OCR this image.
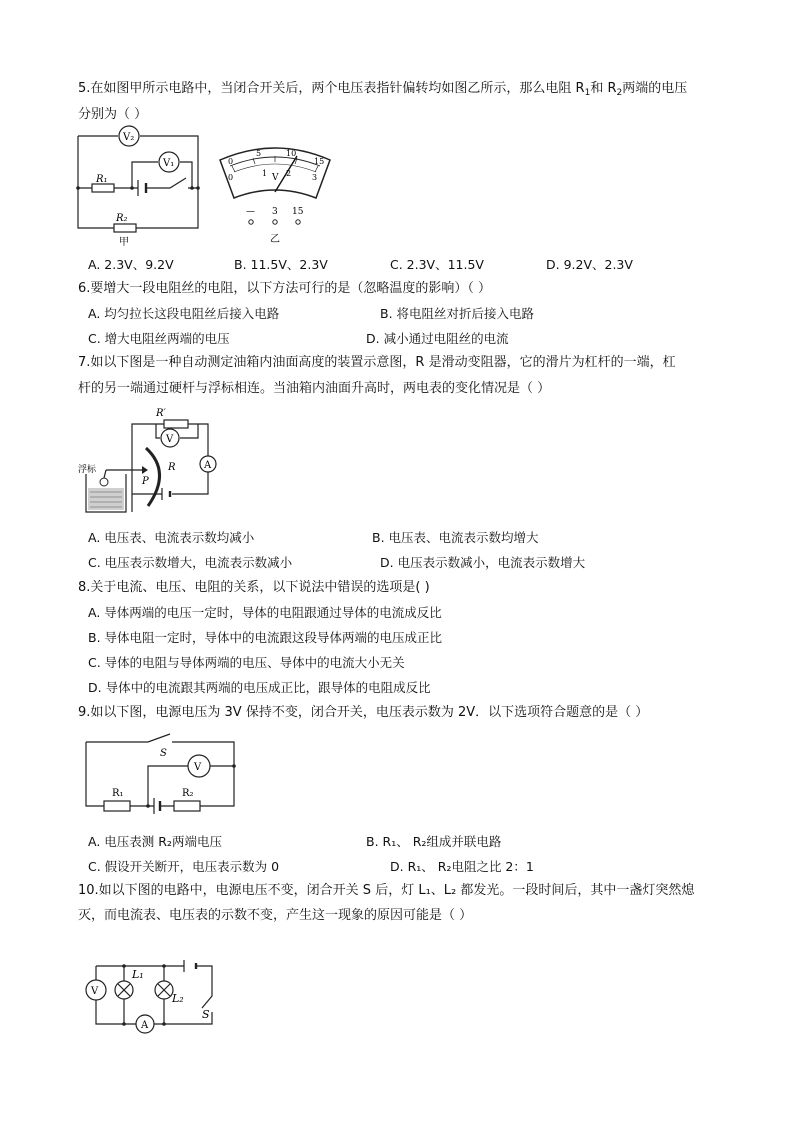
5.在如图甲所示电路中，当闭合开关后，两个电压表指针偏转均如图乙所示，那么电阻 $R_1$和 $R_2$两端的电压
分别为（ ）
V₂
V₁
R₁
R₂
甲
0
5	10
15
0	1 2	3
V
— 3 15
乙
A. 2.3V、9.2V	B. 11.5V、2.3V	C. 2.3V、11.5V	D. 9.2V、2.3V
6.要增大一段电阻丝的电阻，以下方法可行的是（忽略温度的影响）（ ）
A. 均匀拉长这段电阻丝后接入电路	B. 将电阻丝对折后接入电路
C. 增大电阻丝两端的电压	D. 减小通过电阻丝的电流
7.如以下图是一种自动测定油箱内油面高度的装置示意图，R 是滑动变阻器，它的滑片为杠杆的一端，杠
杆的另一端通过硬杆与浮标相连。当油箱内油面升高时，两电表的变化情况是（ ）
R′
V
A
R
P
浮标
A. 电压表、电流表示数均减小	B. 电压表、电流表示数均增大
C. 电压表示数增大，电流表示数减小	D. 电压表示数减小，电流表示数增大
8.关于电流、电压、电阻的关系，以下说法中错误的选项是( )
A. 导体两端的电压一定时，导体的电阻跟通过导体的电流成反比
B. 导体电阻一定时，导体中的电流跟这段导体两端的电压成正比
C. 导体的电阻与导体两端的电压、导体中的电流大小无关
D. 导体中的电流跟其两端的电压成正比，跟导体的电阻成反比
9.如以下图，电源电压为 3V 保持不变，闭合开关，电压表示数为 2V．以下选项符合题意的是（ ）
S
V
R₁	R₂
A. 电压表测 R₂两端电压	B. R₁、 R₂组成并联电路
C. 假设开关断开，电压表示数为 0	D. R₁、 R₂电阻之比 2：1
10.如以下图的电路中，电源电压不变，闭合开关 S 后，灯 L₁、L₂ 都发光。一段时间后，其中一盏灯突然熄
灭，而电流表、电压表的示数不变，产生这一现象的原因可能是（ ）
V
L₁
L₂
S
A
